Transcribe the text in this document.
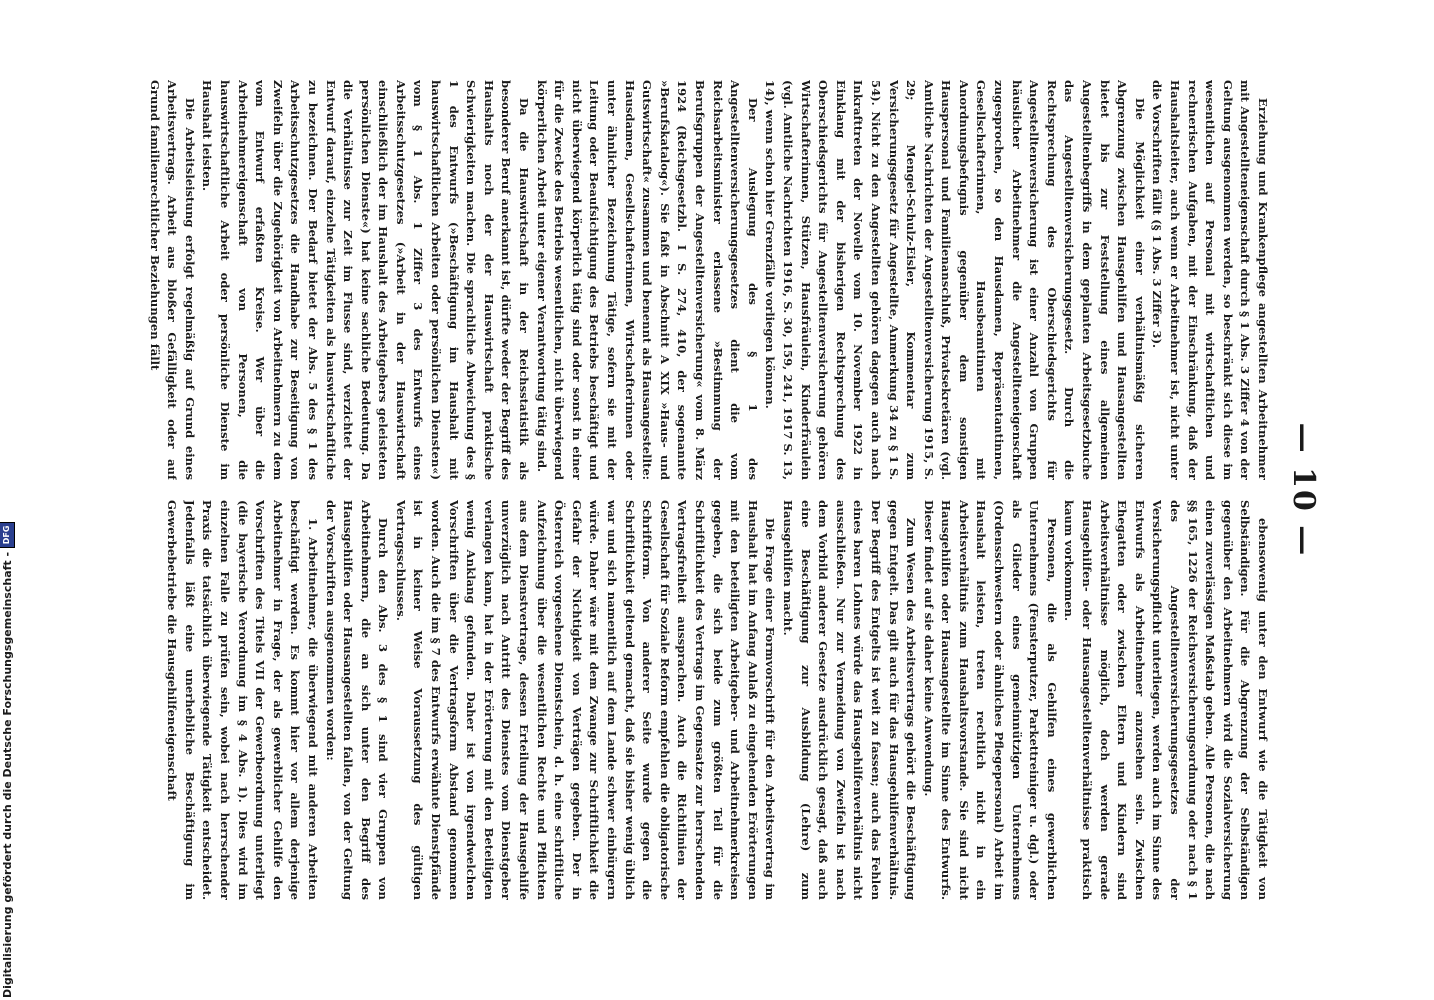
— 10 —

Erziehung und Krankenpflege angestellten Arbeitnehmer mit Angestellteneigenschaft durch § 1 Abs. 3 Ziffer 4 von der Geltung ausgenommen werden, so beschränkt sich diese im wesentlichen auf Personal mit wirtschaftlichen und rechnerischen Aufgaben, mit der Einschränkung, daß der Haushaltsleiter, auch wenn er Arbeitnehmer ist, nicht unter die Vorschriften fällt (§ 1 Abs. 3 Ziffer 3).

Die Möglichkeit einer verhältnismäßig sicheren Abgrenzung zwischen Hausgehilfen und Hausangestellten bietet bis zur Feststellung eines allgemeinen Angestelltenbegriffs in dem geplanten Arbeitsgesetzbuche das Angestelltenversicherungsgesetz. Durch die Rechtsprechung des Oberschiedsgerichts für Angestelltenversicherung ist einer Anzahl von Gruppen häuslicher Arbeitnehmer die Angestellteneigenschaft zugesprochen, so den Hausdamen, Repräsentantinnen, Gesellschafterinnen, Hausbeamtinnen mit Anordnungsbefugnis gegenüber dem sonstigen Hauspersonal und Familienanschluß, Privatsekretären (vgl. Amtliche Nachrichten der Angestelltenversicherung 1915, S. 29; Mengel-Schulz-Eisler, Kommentar zum Versicherungsgesetz für Angestellte, Anmerkung 34 zu § 1 S. 54). Nicht zu den Angestellten gehören dagegen auch nach Inkrafttreten der Novelle vom 10. November 1922 in Einklang mit der bisherigen Rechtsprechung des Oberschiedsgerichts für Angestelltenversicherung gehören Wirtschafterinnen, Stützen, Hausfräulein, Kinderfräulein (vgl. Amtliche Nachrichten 1916, S. 30, 159, 241, 1917 S. 13, 14), wenn schon hier Grenzfälle vorliegen können.

Der Auslegung des § 1 des Angestelltenversicherungsgesetzes dient die vom Reichsarbeitsminister erlassene »Bestimmung der Berufsgruppen der Angestelltenversicherung« vom 8. März 1924 (Reichsgesetzbl. I S. 274, 410, der sogenannte »Berufskatalog«). Sie faßt in Abschnitt A XIX »Haus- und Gutswirtschaft« zusammen und benennt als Hausangestellte: Hausdamen, Gesellschafterinnen, Wirtschafterinnen oder unter ähnlicher Bezeichnung Tätige, sofern sie mit der Leitung oder Beaufsichtigung des Betriebs beschäftigt und nicht überwiegend körperlich tätig sind oder sonst in einer für die Zwecke des Betriebs wesentlichen, nicht überwiegend körperlichen Arbeit unter eigener Verantwortung tätig sind.

Da die Hauswirtschaft in der Reichsstatistik als besonderer Beruf anerkannt ist, dürfte weder der Begriff des Haushalts noch der der Hauswirtschaft praktische Schwierigkeiten machen. Die sprachliche Abweichung des § 1 des Entwurfs (»Beschäftigung im Haushalt mit hauswirtschaftlichen Arbeiten oder persönlichen Diensten«) vom § 1 Abs. 1 Ziffer 3 des Entwurfs eines Arbeitsschutzgesetzes (»Arbeit in der Hauswirtschaft einschließlich der im Haushalt des Arbeitgebers geleisteten persönlichen Dienste«) hat keine sachliche Bedeutung. Da die Verhältnisse zur Zeit im Flusse sind, verzichtet der Entwurf darauf, einzelne Tätigkeiten als hauswirtschaftliche zu bezeichnen. Der Bedarf bietet der Abs. 5 des § 1 des Arbeitsschutzgesetzes die Handhabe zur Beseitigung von Zweifeln über die Zugehörigkeit von Arbeitnehmern zu dem vom Entwurf erfaßten Kreise. Wer über die Arbeitnehmereigenschaft von Personen, die hauswirtschaftliche Arbeit oder persönliche Dienste im Haushalt leisten.

Die Arbeitsleistung erfolgt regelmäßig auf Grund eines Arbeitsvertrags. Arbeit aus bloßer Gefälligkeit oder auf Grund familienrechtlicher Beziehungen fällt

ebensowenig unter den Entwurf wie die Tätigkeit von Selbständigen. Für die Abgrenzung der Selbständigen gegenüber den Arbeitnehmern wird die Sozialversicherung einen zuverlässigen Maßstab geben. Alle Personen, die nach §§ 165, 1226 der Reichsversicherungsordnung oder nach § 1 des Angestelltenversicherungsgesetzes der Versicherungspflicht unterliegen, werden auch im Sinne des Entwurfs als Arbeitnehmer anzusehen sein. Zwischen Ehegatten oder zwischen Eltern und Kindern sind Arbeitsverhältnisse möglich, doch werden gerade Hausgehilfen- oder Hausangestelltenverhältnisse praktisch kaum vorkommen.

Personen, die als Gehilfen eines gewerblichen Unternehmens (Fensterputzer, Parkettreiniger u. dgl.) oder als Glieder eines gemeinnützigen Unternehmens (Ordensschwestern oder ähnliches Pflegepersonal) Arbeit im Haushalt leisten, treten rechtlich nicht in ein Arbeitsverhältnis zum Haushaltsvorstande. Sie sind nicht Hausgehilfen oder Hausangestellte im Sinne des Entwurfs. Dieser findet auf sie daher keine Anwendung.

Zum Wesen des Arbeitsvertrags gehört die Beschäftigung gegen Entgelt. Das gilt auch für das Hausgehilfenverhältnis. Der Begriff des Entgelts ist weit zu fassen; auch das Fehlen eines baren Lohnes würde das Hausgehilfenverhältnis nicht ausschließen. Nur zur Vermeidung von Zweifeln ist nach dem Vorbild anderer Gesetze ausdrücklich gesagt, daß auch eine Beschäftigung zur Ausbildung (Lehre) zum Hausgehilfen macht.

Die Frage einer Formvorschrift für den Arbeitsvertrag im Haushalt hat im Anfang Anlaß zu eingehenden Erörterungen mit den beteiligten Arbeitgeber- und Arbeitnehmerkreisen gegeben, die sich beide zum größten Teil für die Schriftlichkeit des Vertrags im Gegensatze zur herrschenden Vertragsfreiheit aussprachen. Auch die Richtlinien der Gesellschaft für Soziale Reform empfehlen die obligatorische Schriftform. Von anderer Seite wurde gegen die Schriftlichkeit geltend gemacht, daß sie bisher wenig üblich war und sich namentlich auf dem Lande schwer einbürgern würde. Daher wäre mit dem Zwange zur Schriftlichkeit die Gefahr der Nichtigkeit von Verträgen gegeben. Der in Österreich vorgesehene Dienstschein, d. h. eine schriftliche Aufzeichnung über die wesentlichen Rechte und Pflichten aus dem Dienstvertrage, dessen Erteilung der Hausgehilfe unverzüglich nach Antritt des Dienstes vom Dienstgeber verlangen kann, hat in der Erörterung mit den Beteiligten wenig Anklang gefunden. Daher ist von irgendwelchen Vorschriften über die Vertragsform Abstand genommen worden. Auch die im § 7 des Entwurfs erwähnte Dienstpfände ist in keiner Weise Voraussetzung des gültigen Vertragsschlusses.

Durch den Abs. 3 des § 1 sind vier Gruppen von Arbeitnehmern, die an sich unter den Begriff des Hausgehilfen oder Hausangestellten fallen, von der Geltung der Vorschriften ausgenommen worden:

1. Arbeitnehmer, die überwiegend mit anderen Arbeiten beschäftigt werden. Es kommt hier vor allem derjenige Arbeitnehmer in Frage, der als gewerblicher Gehilfe den Vorschriften des Titels VII der Gewerbeordnung unterliegt (die bayerische Verordnung im § 4 Abs. 1). Dies wird im einzelnen Falle zu prüfen sein, wobei nach herrschender Praxis die tatsächlich überwiegende Tätigkeit entscheidet. Jedenfalls läßt eine unerhebliche Beschäftigung im Gewerbebetriebe die Hausgehilfeneigenschaft

Digitalisierung gefördert durch die Deutsche Forschungsgemeinschaft -
DFG
